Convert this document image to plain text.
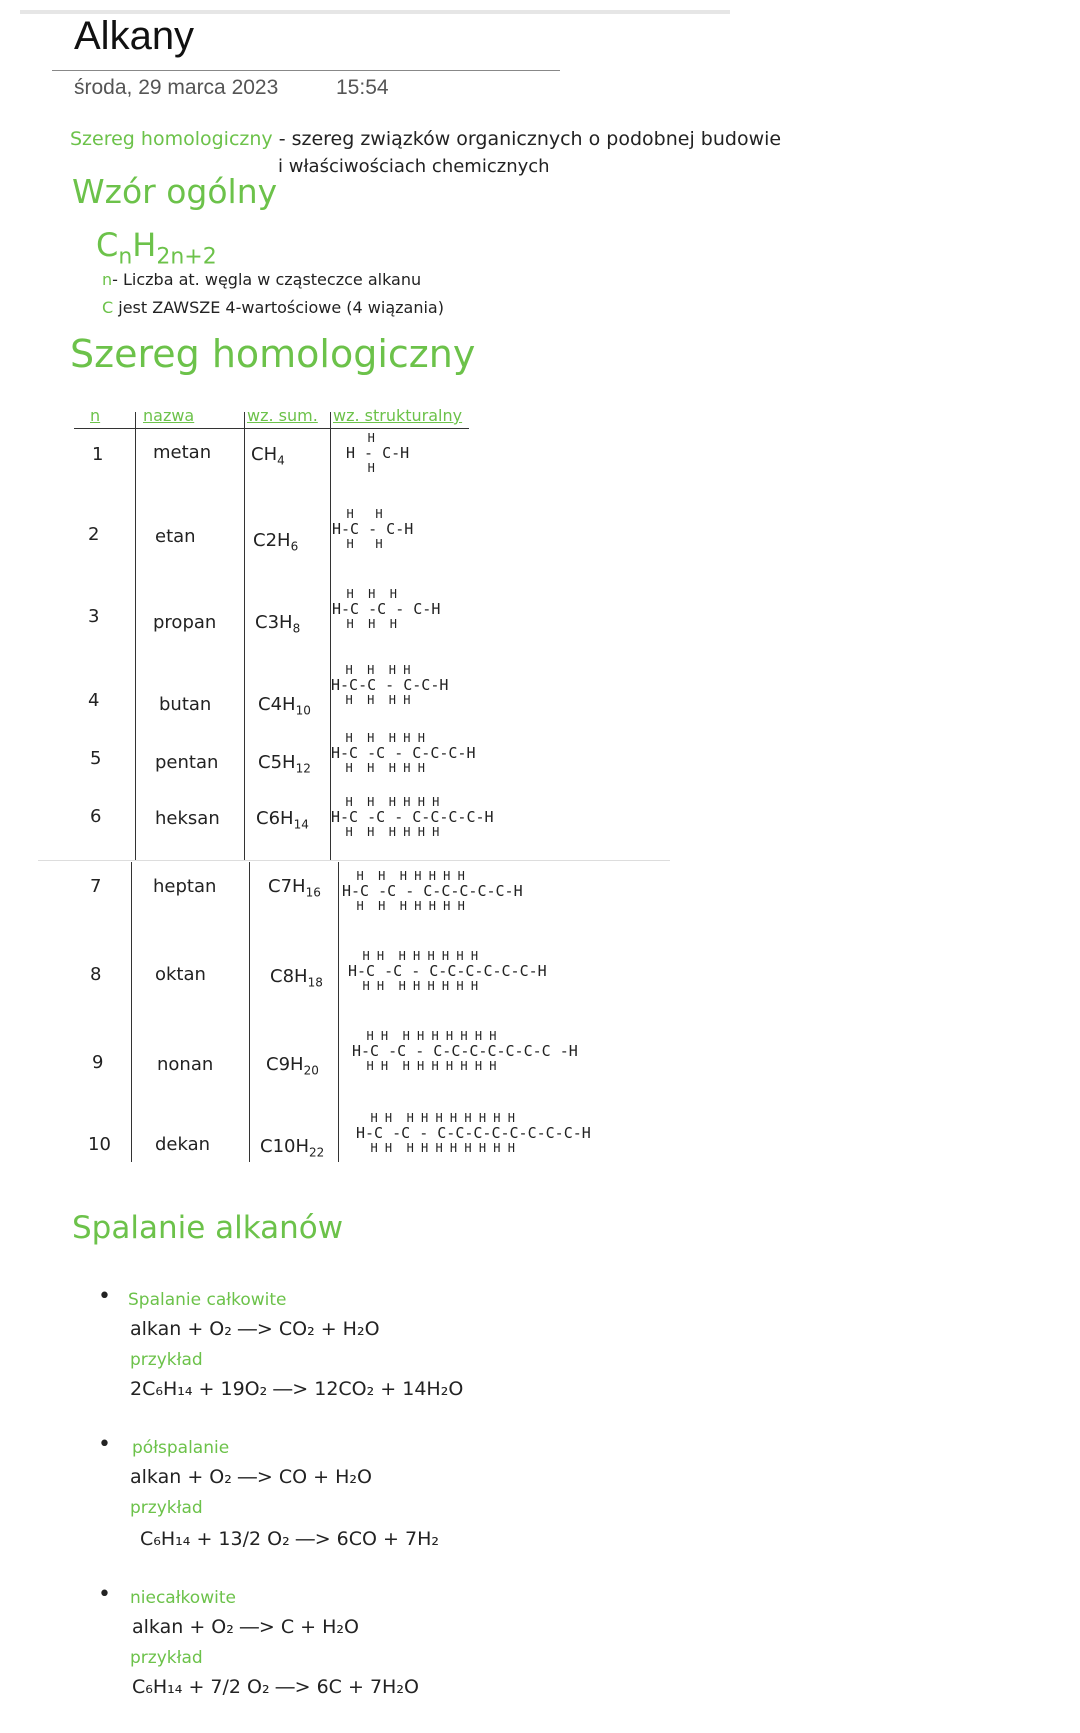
Alkany
środa, 29 marca 2023	15:54
Szereg homologiczny - szereg związków organicznych o podobnej budowie
i właściwościach chemicznych
Wzór ogólny
$C_nH_{2n+2}$
n- Liczba at. węgla w cząsteczce alkanu
C jest ZAWSZE 4-wartościowe (4 wiązania)
Szereg homologiczny
n	nazwa	wz. sum. wz. strukturalny
1	metan $CH_4$
H
H - C-H
H
2	etan	$C2H_6$
H   H
H-C - C-H
H   H
3	propan $C3H_8$
H  H  H
H-C -C - C-H
H  H  H
4	butan	$C4H_{10}$
H  H  H H
H-C-C - C-C-H
H  H  H H
5	pentan $C5H_{12}$
H  H  H H H
H-C -C - C-C-C-H
H  H  H H H
6	heksan $C6H_{14}$
H  H  H H H H
H-C -C - C-C-C-C-H
H  H  H H H H
7	heptan	$C7H_{16}$
H  H  H H H H H
H-C -C - C-C-C-C-C-H
H  H  H H H H H
8	oktan	$C8H_{18}$
H H  H H H H H H
H-C -C - C-C-C-C-C-C-H
H H  H H H H H H
9	nonan	$C9H_{20}$
H H  H H H H H H H
H-C -C - C-C-C-C-C-C-C -H
H H  H H H H H H H
10 dekan	$C10H_{22}$
H H  H H H H H H H H
H-C -C - C-C-C-C-C-C-C-C-H
H H  H H H H H H H H
Spalanie alkanów
• Spalanie całkowite
alkan + O₂ ―> CO₂ + H₂O
przykład
2C₆H₁₄ + 19O₂ ―> 12CO₂ + 14H₂O
• półspalanie
alkan + O₂ ―> CO + H₂O
przykład
C₆H₁₄ + 13/2 O₂ ―> 6CO + 7H₂
• niecałkowite
alkan + O₂ ―> C + H₂O
przykład
C₆H₁₄ + 7/2 O₂ ―> 6C + 7H₂O
